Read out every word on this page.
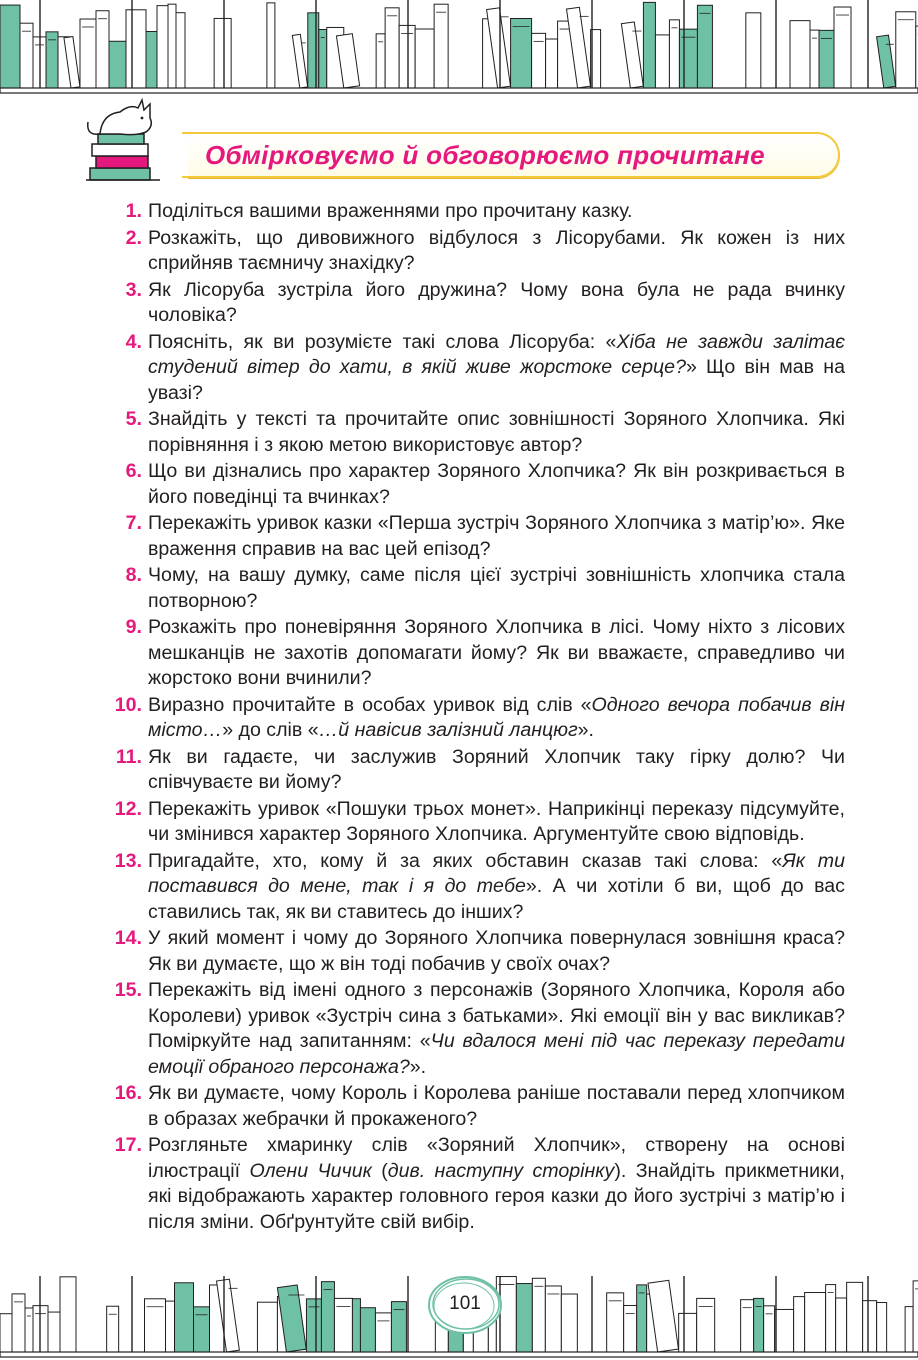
Обмірковуємо й обговорюємо прочитане
1. Поділіться вашими враженнями про прочитану казку.
2. Розкажіть, що дивовижного відбулося з Лісорубами. Як кожен із них сприйняв таємничу знахідку?
3. Як Лісоруба зустріла його дружина? Чому вона була не рада вчинку чоловіка?
4. Поясніть, як ви розумієте такі слова Лісоруба: «Хіба не завжди залітає студений вітер до хати, в якій живе жорстоке серце?» Що він мав на увазі?
5. Знайдіть у тексті та прочитайте опис зовнішності Зоряного Хлопчика. Які порівняння і з якою метою використовує автор?
6. Що ви дізнались про характер Зоряного Хлопчика? Як він розкривається в його поведінці та вчинках?
7. Перекажіть уривок казки «Перша зустріч Зоряного Хлопчика з матір’ю». Яке враження справив на вас цей епізод?
8. Чому, на вашу думку, саме після цієї зустрічі зовнішність хлопчика стала потворною?
9. Розкажіть про поневіряння Зоряного Хлопчика в лісі. Чому ніхто з лісових мешканців не захотів допомагати йому? Як ви вважаєте, справедливо чи жорстоко вони вчинили?
10. Виразно прочитайте в особах уривок від слів «Одного вечора побачив він місто…» до слів «…й навісив залізний ланцюг».
11. Як ви гадаєте, чи заслужив Зоряний Хлопчик таку гірку долю? Чи співчуваєте ви йому?
12. Перекажіть уривок «Пошуки трьох монет». Наприкінці переказу підсумуйте, чи змінився характер Зоряного Хлопчика. Аргументуйте свою відповідь.
13. Пригадайте, хто, кому й за яких обставин сказав такі слова: «Як ти поставився до мене, так і я до тебе». А чи хотіли б ви, щоб до вас ставились так, як ви ставитесь до інших?
14. У який момент і чому до Зоряного Хлопчика повернулася зовнішня краса? Як ви думаєте, що ж він тоді побачив у своїх очах?
15. Перекажіть від імені одного з персонажів (Зоряного Хлопчика, Короля або Королеви) уривок «Зустріч сина з батьками». Які емоції він у вас викликав? Поміркуйте над запитанням: «Чи вдалося мені під час переказу передати емоції обраного персонажа?».
16. Як ви думаєте, чому Король і Королева раніше поставали перед хлопчиком в образах жебрачки й прокаженого?
17. Розгляньте хмаринку слів «Зоряний Хлопчик», створену на основі ілюстрації Олени Чичик (див. наступну сторінку). Знайдіть прикметники, які відображають характер головного героя казки до його зустрічі з матір’ю і після зміни. Обґрунтуйте свій вибір.
101
